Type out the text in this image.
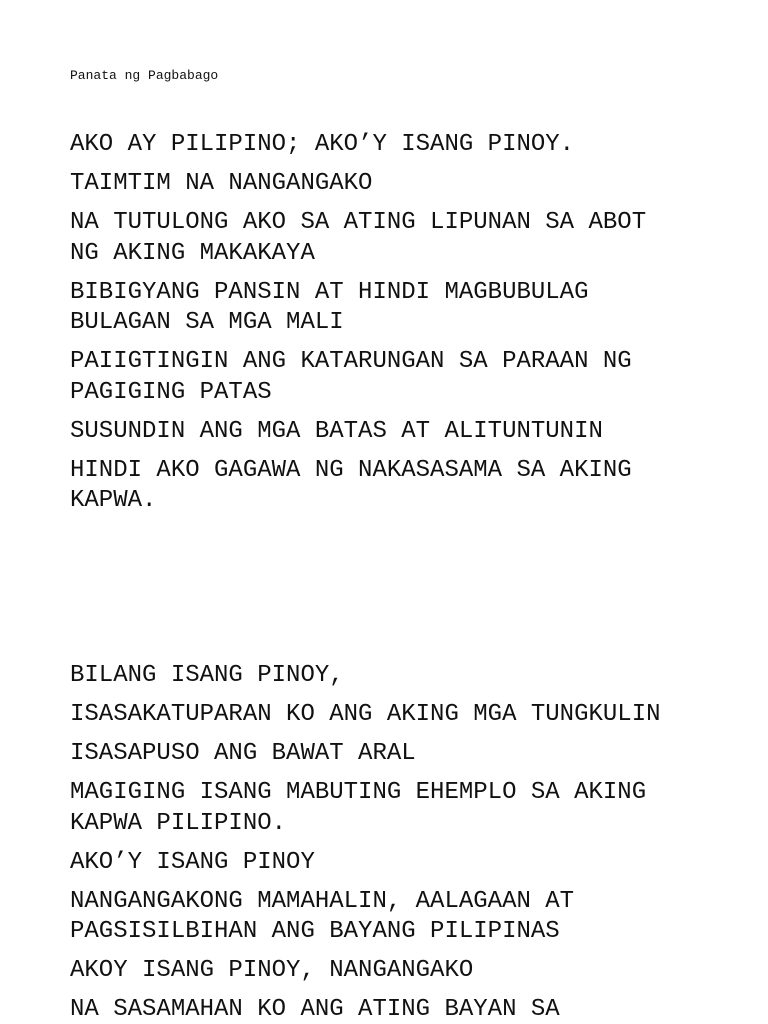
Panata ng Pagbabago
AKO AY PILIPINO; AKO’Y ISANG PINOY.
TAIMTIM NA NANGANGAKO
NA TUTULONG AKO SA ATING LIPUNAN SA ABOT
NG AKING MAKAKAYA
BIBIGYANG PANSIN AT HINDI MAGBUBULAG
BULAGAN SA MGA MALI
PAIIGTINGIN ANG KATARUNGAN SA PARAAN NG
PAGIGING PATAS
SUSUNDIN ANG MGA BATAS AT ALITUNTUNIN
HINDI AKO GAGAWA NG NAKASASAMA SA AKING
KAPWA.
BILANG ISANG PINOY,
ISASAKATUPARAN KO ANG AKING MGA TUNGKULIN
ISASAPUSO ANG BAWAT ARAL
MAGIGING ISANG MABUTING EHEMPLO SA AKING
KAPWA PILIPINO.
AKO’Y ISANG PINOY
NANGANGAKONG MAMAHALIN, AALAGAAN AT
PAGSISILBIHAN ANG BAYANG PILIPINAS
AKOY ISANG PINOY, NANGANGAKO
NA SASAMAHAN KO ANG ATING BAYAN SA
